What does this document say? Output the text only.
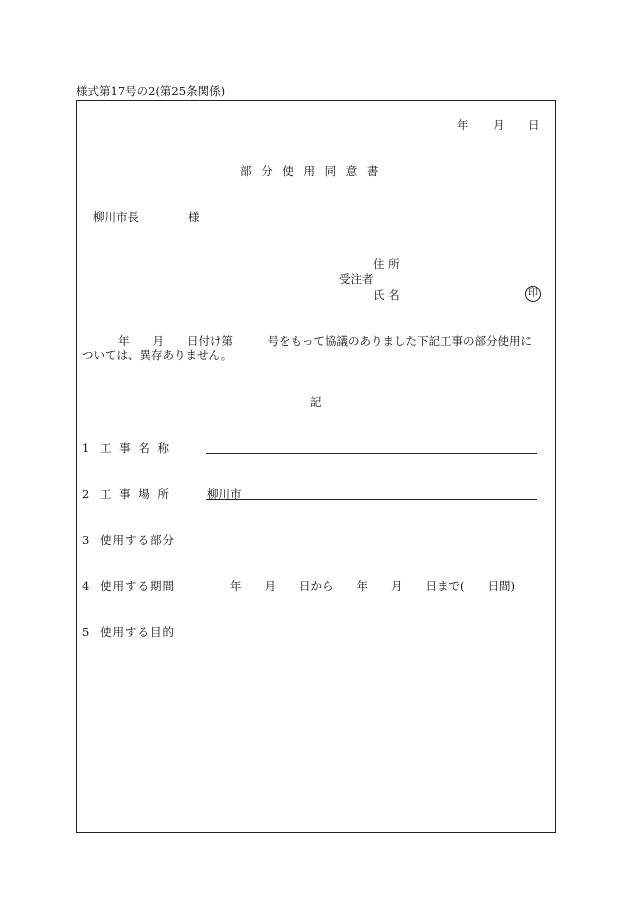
様式第17号の2(第25条関係)
年 月 日
部 分 使 用 同 意 書
柳川市長	様
住 所
受注者
氏 名	印
年　　月　　日付け第　　　号をもって協議のありました下記工事の部分使用に
ついては、異存ありません。
記
1 工 事 名 称
2 工 事 場 所	柳川市
3 使用する部分
4 使用する期間	年　　月　　日から　　年　　月　　日まで(　　日間)
5 使用する目的
